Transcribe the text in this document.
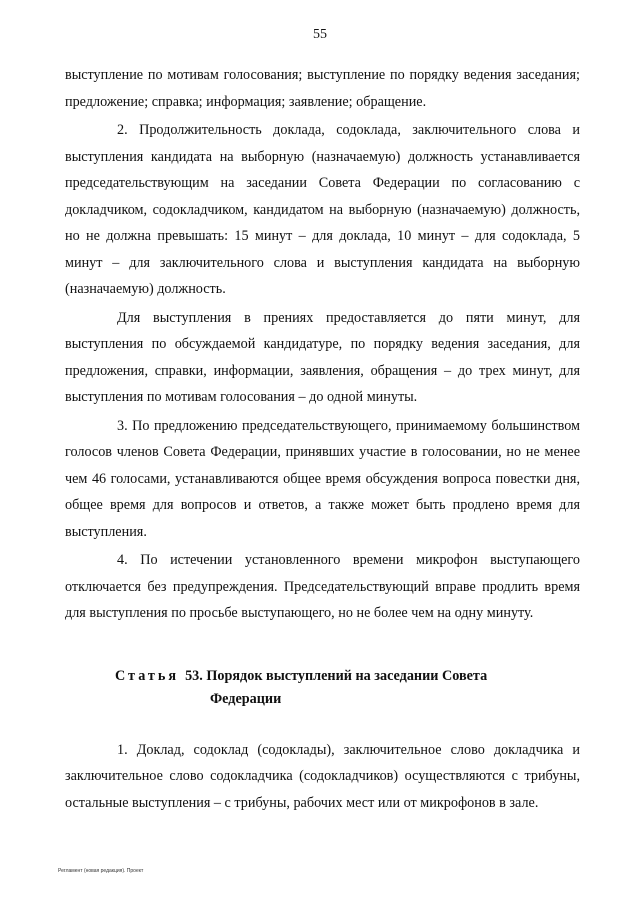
55

выступление по мотивам голосования; выступление по порядку ведения заседания; предложение; справка; информация; заявление; обращение.

2. Продолжительность доклада, содоклада, заключительного слова и выступления кандидата на выборную (назначаемую) должность устанавливается председательствующим на заседании Совета Федерации по согласованию с докладчиком, содокладчиком, кандидатом на выборную (назначаемую) должность, но не должна превышать: 15 минут – для доклада, 10 минут – для содоклада, 5 минут – для заключительного слова и выступления кандидата на выборную (назначаемую) должность.

Для выступления в прениях предоставляется до пяти минут, для выступления по обсуждаемой кандидатуре, по порядку ведения заседания, для предложения, справки, информации, заявления, обращения – до трех минут, для выступления по мотивам голосования – до одной минуты.

3. По предложению председательствующего, принимаемому большинством голосов членов Совета Федерации, принявших участие в голосовании, но не менее чем 46 голосами, устанавливаются общее время обсуждения вопроса повестки дня, общее время для вопросов и ответов, а также может быть продлено время для выступления.

4. По истечении установленного времени микрофон выступающего отключается без предупреждения. Председательствующий вправе продлить время для выступления по просьбе выступающего, но не более чем на одну минуту.

Статья 53. Порядок выступлений на заседании Совета
Федерации

1. Доклад, содоклад (содоклады), заключительное слово докладчика и заключительное слово содокладчика (содокладчиков) осуществляются с трибуны, остальные выступления – с трибуны, рабочих мест или от микрофонов в зале.

Регламент (новая редакция). Проект
